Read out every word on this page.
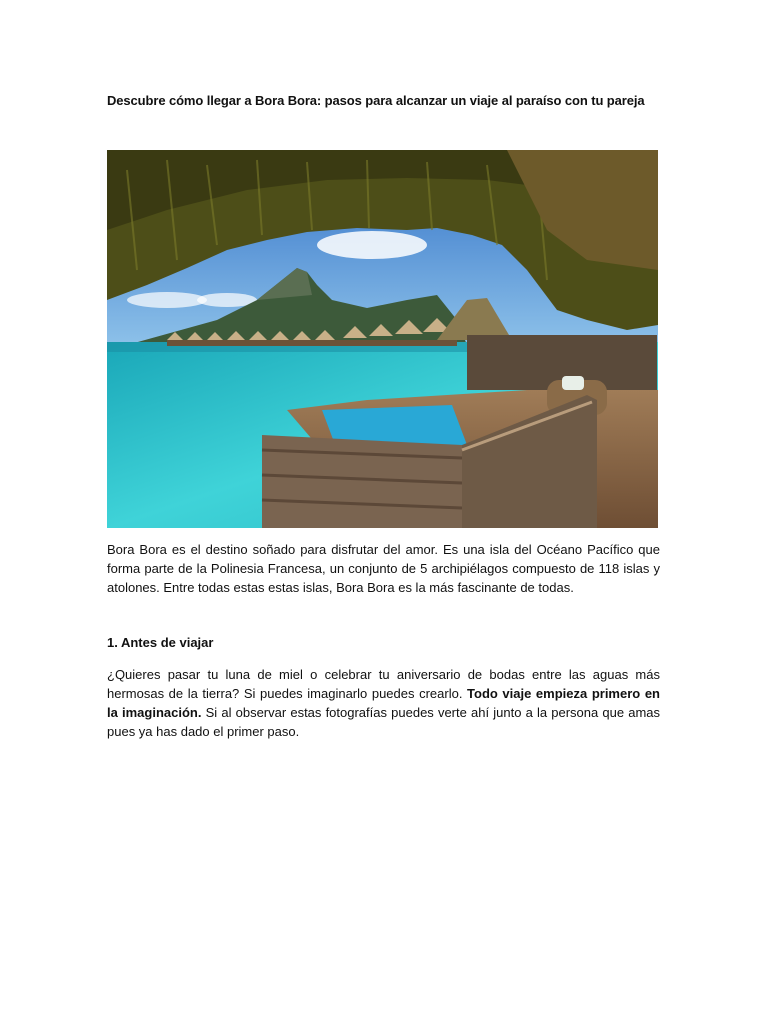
Descubre cómo llegar a Bora Bora: pasos para alcanzar un viaje al paraíso con tu pareja

Bora Bora es el destino soñado para disfrutar del amor. Es una isla del Océano Pacífico que forma parte de la Polinesia Francesa, un conjunto de 5 archipiélagos compuesto de 118 islas y atolones. Entre todas estas estas islas, Bora Bora es la más fascinante de todas.

1. Antes de viajar

¿Quieres pasar tu luna de miel o celebrar tu aniversario de bodas entre las aguas más hermosas de la tierra? Si puedes imaginarlo puedes crearlo. Todo viaje empieza primero en la imaginación. Si al observar estas fotografías puedes verte ahí junto a la persona que amas pues ya has dado el primer paso.
